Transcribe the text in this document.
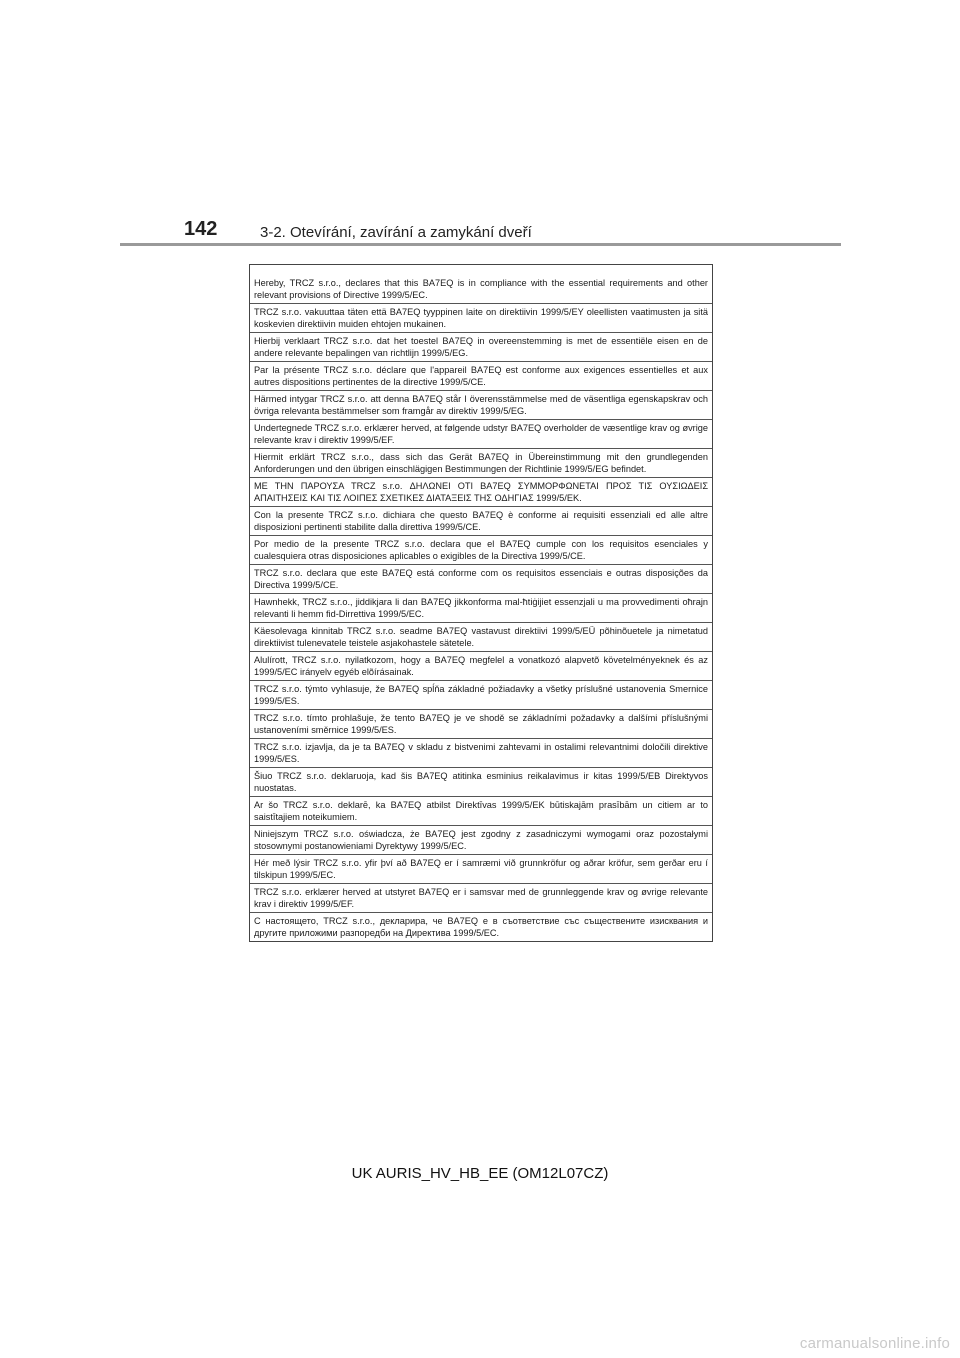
142	3-2. Otevírání, zavírání a zamykání dveří
Hereby, TRCZ s.r.o., declares that this BA7EQ is in compliance with the essential requirements and other relevant provisions of Directive 1999/5/EC.
TRCZ s.r.o. vakuuttaa täten että BA7EQ tyyppinen laite on direktiivin 1999/5/EY oleellisten vaatimusten ja sitä koskevien direktiivin muiden ehtojen mukainen.
Hierbij verklaart TRCZ s.r.o. dat het toestel BA7EQ in overeenstemming is met de essentiële eisen en de andere relevante bepalingen van richtlijn 1999/5/EG.
Par la présente TRCZ s.r.o. déclare que l'appareil BA7EQ est conforme aux exigences essentielles et aux autres dispositions pertinentes de la directive 1999/5/CE.
Härmed intygar TRCZ s.r.o. att denna BA7EQ står I överensstämmelse med de väsentliga egenskapskrav och övriga relevanta bestämmelser som framgår av direktiv 1999/5/EG.
Undertegnede TRCZ s.r.o. erklærer herved, at følgende udstyr BA7EQ overholder de væsentlige krav og øvrige relevante krav i direktiv 1999/5/EF.
Hiermit erklärt TRCZ s.r.o., dass sich das Gerät BA7EQ in Übereinstimmung mit den grundlegenden Anforderungen und den übrigen einschlägigen Bestimmungen der Richtlinie 1999/5/EG befindet.
ΜΕ ΤΗΝ ΠΑΡΟΥΣΑ TRCZ s.r.o. ΔΗΛΩΝΕΙ ΟΤΙ BA7EQ ΣΥΜΜΟΡΦΩΝΕΤΑΙ ΠΡΟΣ ΤΙΣ ΟΥΣΙΩΔΕΙΣ ΑΠΑΙΤΗΣΕΙΣ ΚΑΙ ΤΙΣ ΛΟΙΠΕΣ ΣΧΕΤΙΚΕΣ ΔΙΑΤΑΞΕΙΣ ΤΗΣ ΟΔΗΓΙΑΣ 1999/5/ΕΚ.
Con la presente TRCZ s.r.o. dichiara che questo BA7EQ è conforme ai requisiti essenziali ed alle altre disposizioni pertinenti stabilite dalla direttiva 1999/5/CE.
Por medio de la presente TRCZ s.r.o. declara que el BA7EQ cumple con los requisitos esenciales y cualesquiera otras disposiciones aplicables o exigibles de la Directiva 1999/5/CE.
TRCZ s.r.o. declara que este BA7EQ está conforme com os requisitos essenciais e outras disposições da Directiva 1999/5/CE.
Hawnhekk, TRCZ s.r.o., jiddikjara li dan BA7EQ jikkonforma mal-ħtiġijiet essenzjali u ma provvedimenti oħrajn relevanti li hemm fid-Dirrettiva 1999/5/EC.
Käesolevaga kinnitab TRCZ s.r.o. seadme BA7EQ vastavust direktiivi 1999/5/EÜ põhinõuetele ja nimetatud direktiivist tulenevatele teistele asjakohastele sätetele.
Alulírott, TRCZ s.r.o. nyilatkozom, hogy a BA7EQ megfelel a vonatkozó alapvetõ követelményeknek és az 1999/5/EC irányelv egyéb elõírásainak.
TRCZ s.r.o. týmto vyhlasuje, že BA7EQ spĺňa základné požiadavky a všetky príslušné ustanovenia Smernice 1999/5/ES.
TRCZ s.r.o. tímto prohlašuje, že tento BA7EQ je ve shodě se základními požadavky a dalšími příslušnými ustanoveními směrnice 1999/5/ES.
TRCZ s.r.o. izjavlja, da je ta BA7EQ v skladu z bistvenimi zahtevami in ostalimi relevantnimi določili direktive 1999/5/ES.
Šiuo TRCZ s.r.o. deklaruoja, kad šis BA7EQ atitinka esminius reikalavimus ir kitas 1999/5/EB Direktyvos nuostatas.
Ar šo TRCZ s.r.o. deklarē, ka BA7EQ atbilst Direktīvas 1999/5/EK būtiskajām prasībām un citiem ar to saistītajiem noteikumiem.
Niniejszym TRCZ s.r.o. oświadcza, że BA7EQ jest zgodny z zasadniczymi wymogami oraz pozostałymi stosownymi postanowieniami Dyrektywy 1999/5/EC.
Hér með lýsir TRCZ s.r.o. yfir því að BA7EQ er í samræmi við grunnkröfur og aðrar kröfur, sem gerðar eru í tilskipun 1999/5/EC.
TRCZ s.r.o. erklærer herved at utstyret BA7EQ er i samsvar med de grunnleggende krav og øvrige relevante krav i direktiv 1999/5/EF.
С настоящето, TRCZ s.r.o., декларира, че BA7EQ е в съответствие със съществените изисквания и другите приложими разпоредби на Директива 1999/5/ЕС.
UK AURIS_HV_HB_EE (OM12L07CZ)
carmanualsonline.info
